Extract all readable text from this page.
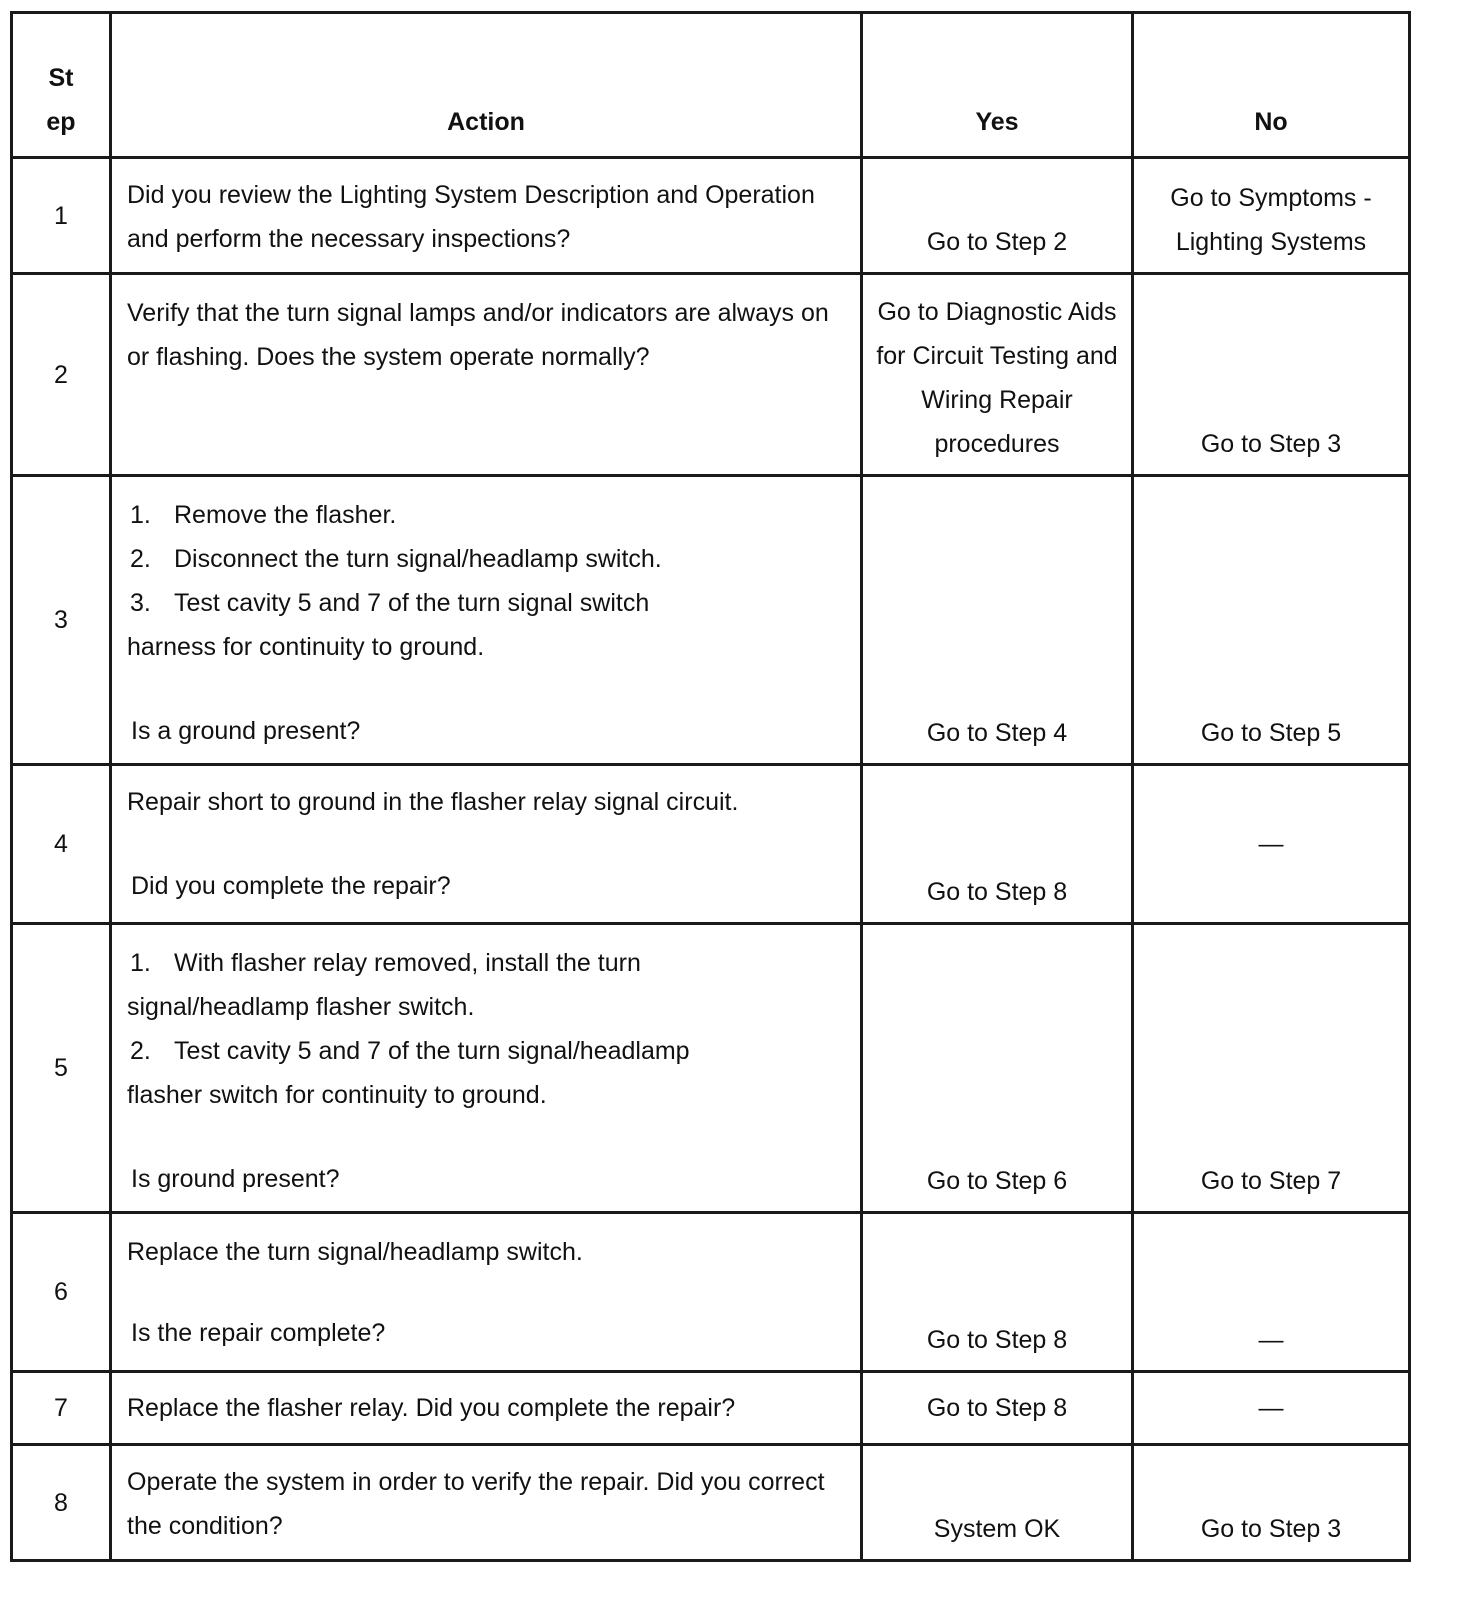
St
ep	Action	Yes	No
1	Did you review the Lighting System Description and Operation and perform the necessary inspections?	Go to Step 2	Go to Symptoms - Lighting Systems
2	Verify that the turn signal lamps and/or indicators are always on or flashing. Does the system operate normally?	Go to Diagnostic Aids for Circuit Testing and Wiring Repair procedures	Go to Step 3
3	1. Remove the flasher.
2. Disconnect the turn signal/headlamp switch.
3. Test cavity 5 and 7 of the turn signal switch
harness for continuity to ground.
Is a ground present?	Go to Step 4	Go to Step 5
4	Repair short to ground in the flasher relay signal circuit.
Did you complete the repair?	Go to Step 8	—
5	1. With flasher relay removed, install the turn
signal/headlamp flasher switch.
2. Test cavity 5 and 7 of the turn signal/headlamp
flasher switch for continuity to ground.
Is ground present?	Go to Step 6	Go to Step 7
6	Replace the turn signal/headlamp switch.
Is the repair complete?	Go to Step 8	—
7	Replace the flasher relay. Did you complete the repair?	Go to Step 8	—
8	Operate the system in order to verify the repair. Did you correct the condition?	System OK	Go to Step 3
